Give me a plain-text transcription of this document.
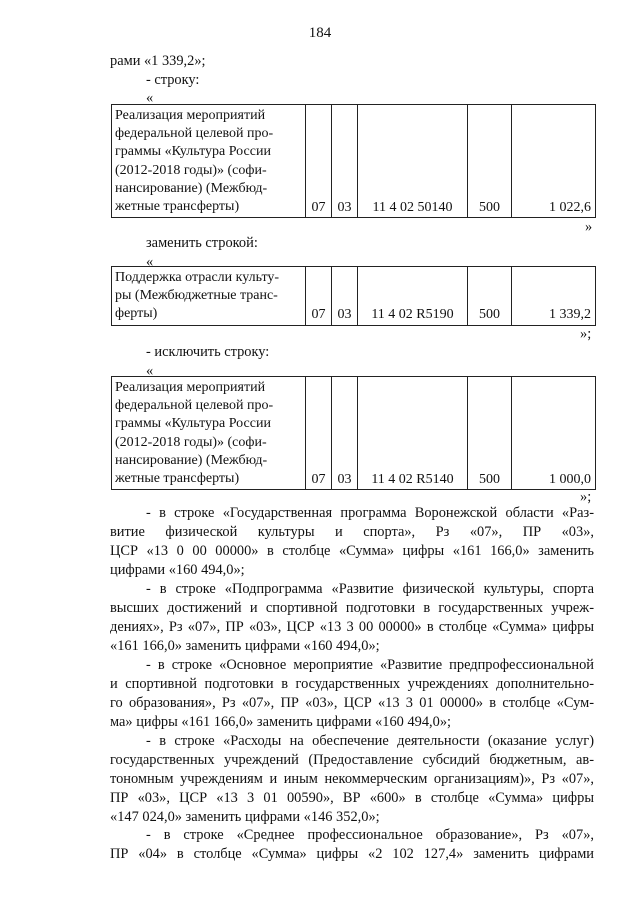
184
рами «1 339,2»;
- строку:
«
Реализация мероприятий
федеральной целевой про-
граммы «Культура России
(2012-2018 годы)» (софи-
нансирование) (Межбюд-
жетные трансферты)	07	03	11 4 02 50140	500	1 022,6
»
заменить строкой:
«
Поддержка отрасли культу-
ры (Межбюджетные транс-
ферты)	07	03	11 4 02 R5190	500	1 339,2
»;
- исключить строку:
«
Реализация мероприятий
федеральной целевой про-
граммы «Культура России
(2012-2018 годы)» (софи-
нансирование) (Межбюд-
жетные трансферты)	07	03	11 4 02 R5140	500	1 000,0
»;
- в строке «Государственная программа Воронежской области «Раз-
витие физической культуры и спорта», Рз «07», ПР «03»,
ЦСР «13 0 00 00000» в столбце «Сумма» цифры «161 166,0» заменить
цифрами «160 494,0»;
- в строке «Подпрограмма «Развитие физической культуры, спорта
высших достижений и спортивной подготовки в государственных учреж-
дениях», Рз «07», ПР «03», ЦСР «13 3 00 00000» в столбце «Сумма» цифры
«161 166,0» заменить цифрами «160 494,0»;
- в строке «Основное мероприятие «Развитие предпрофессиональной
и спортивной подготовки в государственных учреждениях дополнительно-
го образования», Рз «07», ПР «03», ЦСР «13 3 01 00000» в столбце «Сум-
ма» цифры «161 166,0» заменить цифрами «160 494,0»;
- в строке «Расходы на обеспечение деятельности (оказание услуг)
государственных учреждений (Предоставление субсидий бюджетным, ав-
тономным учреждениям и иным некоммерческим организациям)», Рз «07»,
ПР «03», ЦСР «13 3 01 00590», ВР «600» в столбце «Сумма» цифры
«147 024,0» заменить цифрами «146 352,0»;
- в строке «Среднее профессиональное образование», Рз «07»,
ПР «04» в столбце «Сумма» цифры «2 102 127,4» заменить цифрами
